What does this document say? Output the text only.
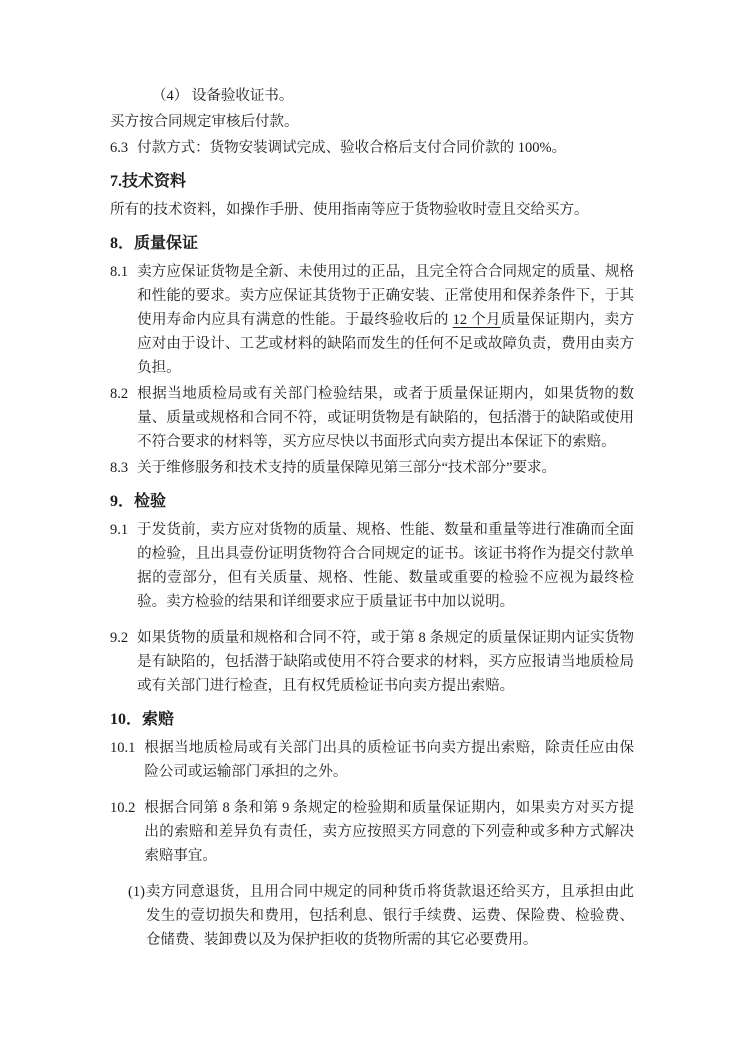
（4） 设备验收证书。

买方按合同规定审核后付款。

6.3 付款方式：货物安装调试完成、验收合格后支付合同价款的 100%。
7.技术资料

所有的技术资料，如操作手册、使用指南等应于货物验收时壹且交给买方。

8．质量保证
8.1 卖方应保证货物是全新、未使用过的正品，且完全符合合同规定的质量、规格和性能的要求。卖方应保证其货物于正确安装、正常使用和保养条件下，于其使用寿命内应具有满意的性能。于最终验收后的 12 个月质量保证期内，卖方应对由于设计、工艺或材料的缺陷而发生的任何不足或故障负责，费用由卖方负担。
8.2 根据当地质检局或有关部门检验结果，或者于质量保证期内，如果货物的数量、质量或规格和合同不符，或证明货物是有缺陷的，包括潜于的缺陷或使用不符合要求的材料等，买方应尽快以书面形式向卖方提出本保证下的索赔。
8.3 关于维修服务和技术支持的质量保障见第三部分“技术部分”要求。
9．检验
9.1 于发货前，卖方应对货物的质量、规格、性能、数量和重量等进行准确而全面的检验，且出具壹份证明货物符合合同规定的证书。该证书将作为提交付款单据的壹部分，但有关质量、规格、性能、数量或重要的检验不应视为最终检验。卖方检验的结果和详细要求应于质量证书中加以说明。
9.2 如果货物的质量和规格和合同不符，或于第 8 条规定的质量保证期内证实货物是有缺陷的，包括潜于缺陷或使用不符合要求的材料，买方应报请当地质检局或有关部门进行检查，且有权凭质检证书向卖方提出索赔。
10．索赔
10.1 根据当地质检局或有关部门出具的质检证书向卖方提出索赔，除责任应由保险公司或运输部门承担的之外。
10.2 根据合同第 8 条和第 9 条规定的检验期和质量保证期内，如果卖方对买方提出的索赔和差异负有责任，卖方应按照买方同意的下列壹种或多种方式解决索赔事宜。
(1) 卖方同意退货，且用合同中规定的同种货币将货款退还给买方，且承担由此发生的壹切损失和费用，包括利息、银行手续费、运费、保险费、检验费、仓储费、装卸费以及为保护拒收的货物所需的其它必要费用。
